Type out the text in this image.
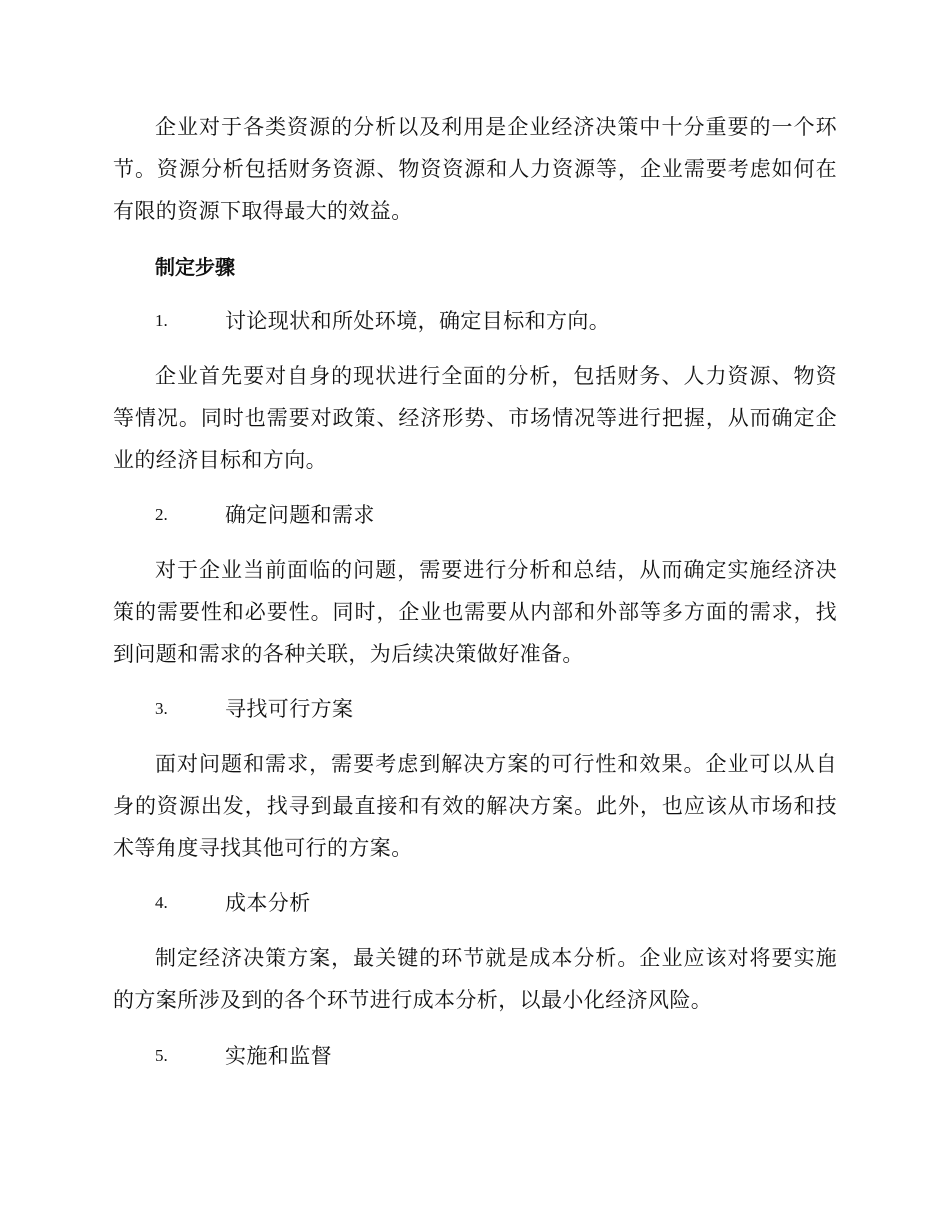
企业对于各类资源的分析以及利用是企业经济决策中十分重要的一个环节。资源分析包括财务资源、物资资源和人力资源等，企业需要考虑如何在有限的资源下取得最大的效益。

制定步骤
1.	讨论现状和所处环境，确定目标和方向。

企业首先要对自身的现状进行全面的分析，包括财务、人力资源、物资等情况。同时也需要对政策、经济形势、市场情况等进行把握，从而确定企业的经济目标和方向。

2.	确定问题和需求

对于企业当前面临的问题，需要进行分析和总结，从而确定实施经济决策的需要性和必要性。同时，企业也需要从内部和外部等多方面的需求，找到问题和需求的各种关联，为后续决策做好准备。

3.	寻找可行方案

面对问题和需求，需要考虑到解决方案的可行性和效果。企业可以从自身的资源出发，找寻到最直接和有效的解决方案。此外，也应该从市场和技术等角度寻找其他可行的方案。

4.	成本分析

制定经济决策方案，最关键的环节就是成本分析。企业应该对将要实施的方案所涉及到的各个环节进行成本分析，以最小化经济风险。

5.	实施和监督
